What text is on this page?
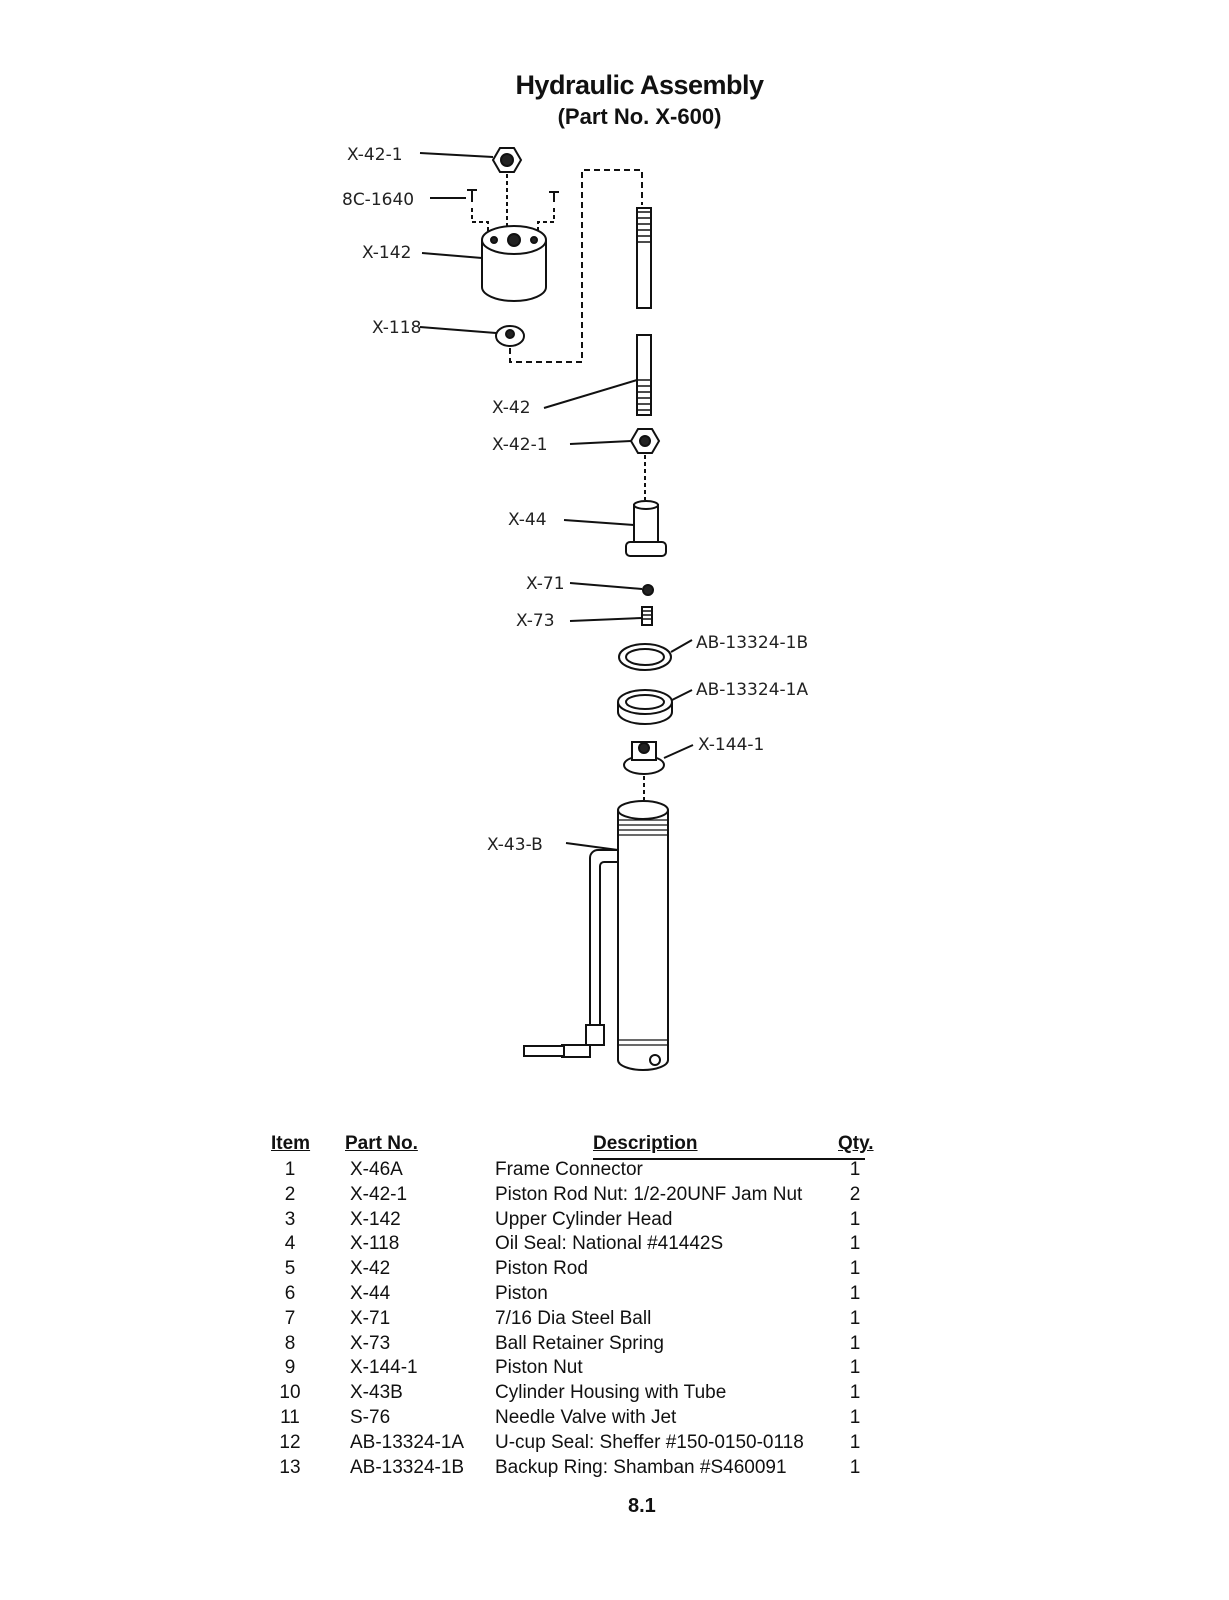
Hydraulic Assembly
(Part No. X-600)
X-42-1
8C-1640
X-142
X-118
X-42
X-42-1
X-44
X-71
X-73
AB-13324-1B
AB-13324-1A
X-144-1
X-43-B
Item Part No.	Description	Qty.
1	X-46A	Frame Connector	1
2	X-42-1	Piston Rod Nut: 1/2-20UNF Jam Nut 2
3	X-142	Upper Cylinder Head	1
4	X-118	Oil Seal: National #41442S	1
5	X-42	Piston Rod	1
6	X-44	Piston	1
7	X-71	7/16 Dia Steel Ball	1
8	X-73	Ball Retainer Spring	1
9	X-144-1	Piston Nut	1
10	X-43B	Cylinder Housing with Tube	1
11	S-76	Needle Valve with Jet	1
12	AB-13324-1A U-cup Seal: Sheffer #150-0150-0118 1
13	AB-13324-1B Backup Ring: Shamban #S460091	1
8.1
